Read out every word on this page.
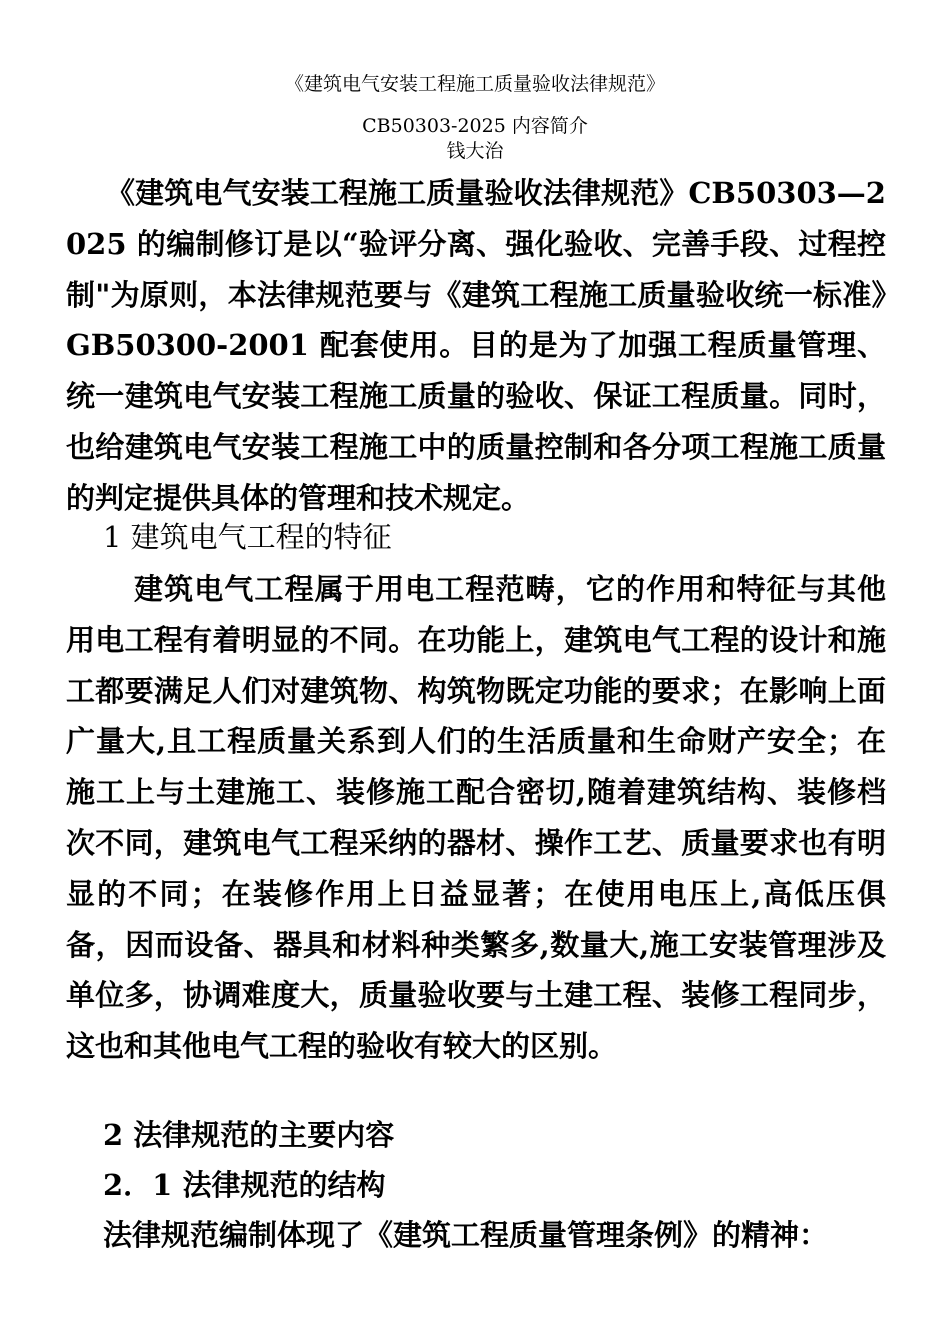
《建筑电气安装工程施工质量验收法律规范》
CB50303-2025 内容简介
钱大治

《建筑电气安装工程施工质量验收法律规范》CB50303—2025 的编制修订是以“验评分离、强化验收、完善手段、过程控制"为原则，本法律规范要与《建筑工程施工质量验收统一标准》GB50300-2001 配套使用。目的是为了加强工程质量管理、统一建筑电气安装工程施工质量的验收、保证工程质量。同时，也给建筑电气安装工程施工中的质量控制和各分项工程施工质量的判定提供具体的管理和技术规定。

1 建筑电气工程的特征

建筑电气工程属于用电工程范畴，它的作用和特征与其他用电工程有着明显的不同。在功能上，建筑电气工程的设计和施工都要满足人们对建筑物、构筑物既定功能的要求；在影响上面广量大,且工程质量关系到人们的生活质量和生命财产安全；在施工上与土建施工、装修施工配合密切,随着建筑结构、装修档次不同，建筑电气工程采纳的器材、操作工艺、质量要求也有明显的不同；在装修作用上日益显著；在使用电压上,高低压俱备，因而设备、器具和材料种类繁多,数量大,施工安装管理涉及单位多，协调难度大，质量验收要与土建工程、装修工程同步，这也和其他电气工程的验收有较大的区别。

2 法律规范的主要内容
2．1 法律规范的结构
法律规范编制体现了《建筑工程质量管理条例》的精神：
